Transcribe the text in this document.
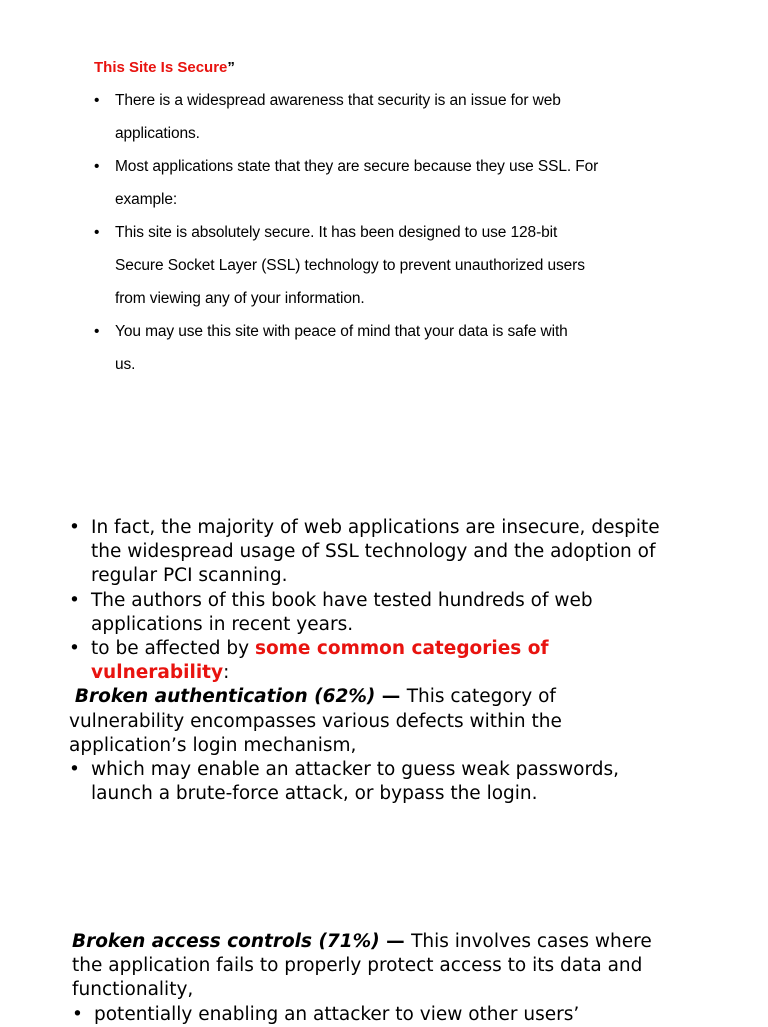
This Site Is Secure”
• There is a widespread awareness that security is an issue for web
applications.
• Most applications state that they are secure because they use SSL. For
example:
• This site is absolutely secure. It has been designed to use 128-bit
Secure Socket Layer (SSL) technology to prevent unauthorized users
from viewing any of your information.
• You may use this site with peace of mind that your data is safe with
us.
• In fact, the majority of web applications are insecure, despite the widespread usage of SSL technology and the adoption of regular PCI scanning.
• The authors of this book have tested hundreds of web applications in recent years.
• to be affected by some common categories of vulnerability:

Broken authentication (62%) — This category of vulnerability encompasses various defects within the application’s login mechanism,

• which may enable an attacker to guess weak passwords, launch a brute-force attack, or bypass the login.

Broken access controls (71%) — This involves cases where the application fails to properly protect access to its data and functionality,

• potentially enabling an attacker to view other users’
